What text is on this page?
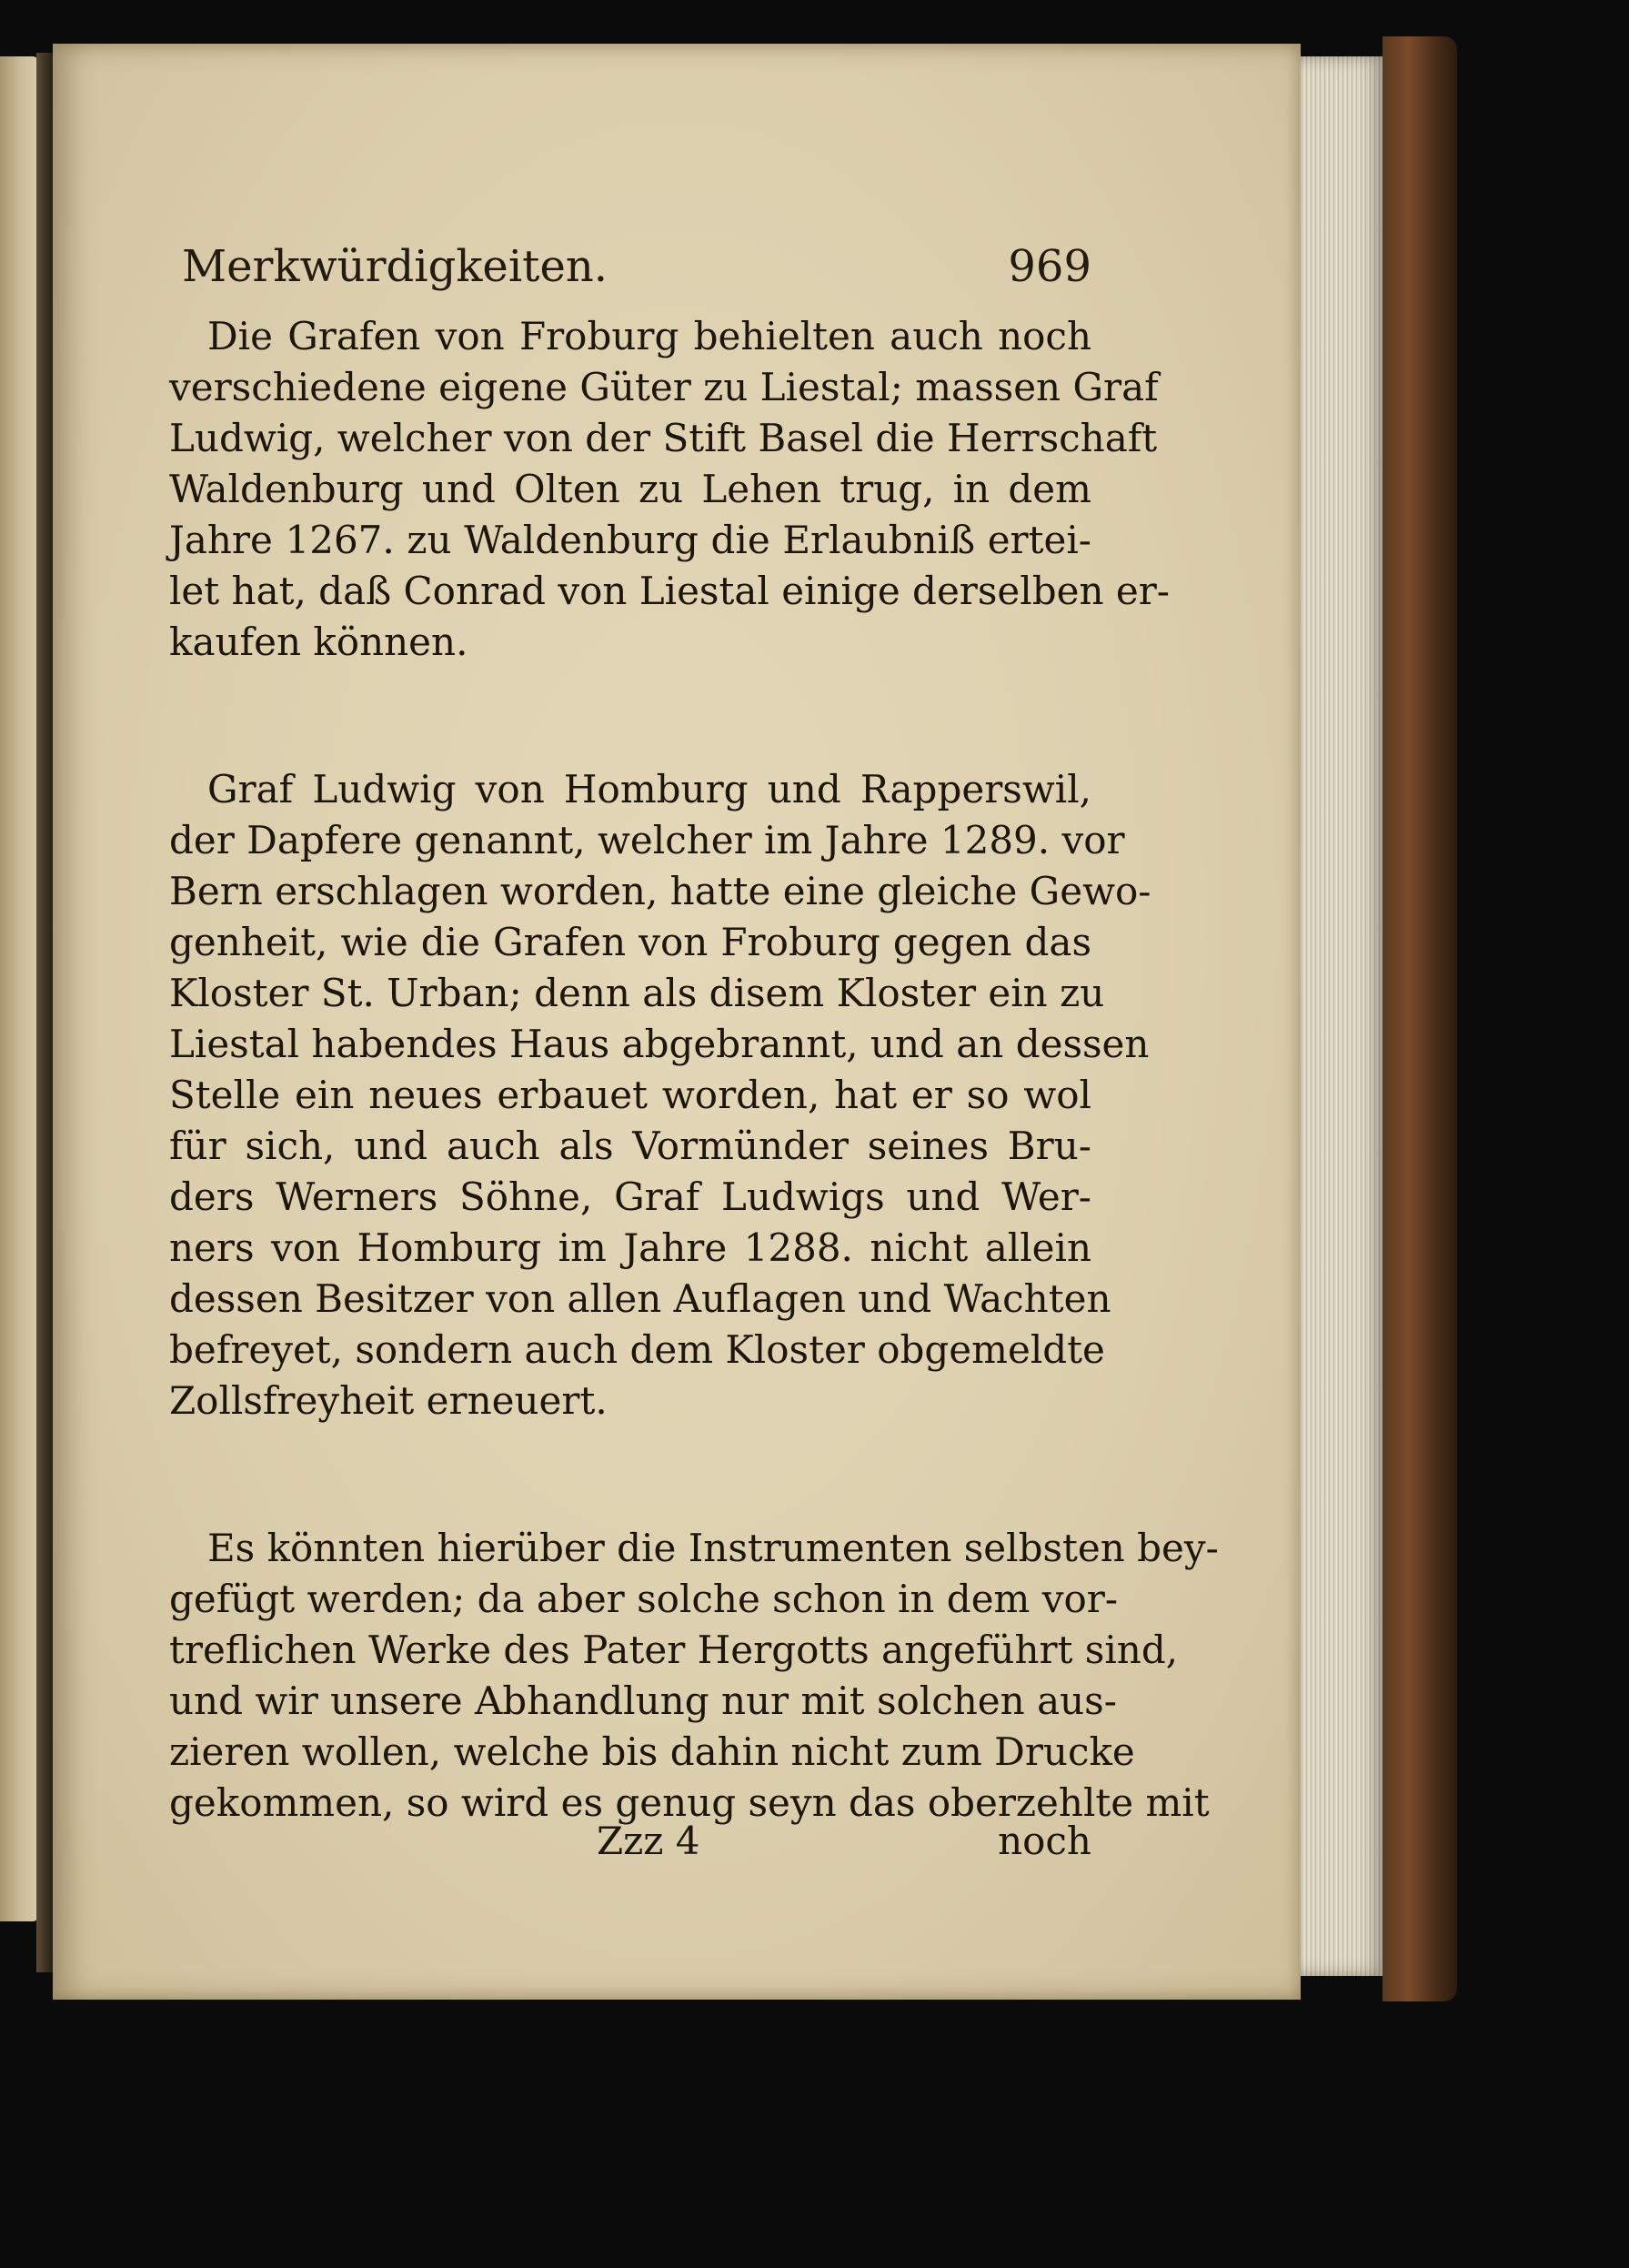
Merkwürdigkeiten.	969
Die Grafen von Froburg behielten auch noch
verschiedene eigene Güter zu Liestal; massen Graf
Ludwig, welcher von der Stift Basel die Herrschaft
Waldenburg und Olten zu Lehen trug, in dem
Jahre 1267. zu Waldenburg die Erlaubniß ertei-
let hat, daß Conrad von Liestal einige derselben er-
kaufen können.
Graf Ludwig von Homburg und Rapperswil,
der Dapfere genannt, welcher im Jahre 1289. vor
Bern erschlagen worden, hatte eine gleiche Gewo-
genheit, wie die Grafen von Froburg gegen das
Kloster St. Urban; denn als disem Kloster ein zu
Liestal habendes Haus abgebrannt, und an dessen
Stelle ein neues erbauet worden, hat er so wol
für sich, und auch als Vormünder seines Bru-
ders Werners Söhne, Graf Ludwigs und Wer-
ners von Homburg im Jahre 1288. nicht allein
dessen Besitzer von allen Auflagen und Wachten
befreyet, sondern auch dem Kloster obgemeldte
Zollsfreyheit erneuert.
Es könnten hierüber die Instrumenten selbsten bey-
gefügt werden; da aber solche schon in dem vor-
treflichen Werke des Pater Hergotts angeführt sind,
und wir unsere Abhandlung nur mit solchen aus-
zieren wollen, welche bis dahin nicht zum Drucke
gekommen, so wird es genug seyn das oberzehlte mit
Zzz 4	noch
